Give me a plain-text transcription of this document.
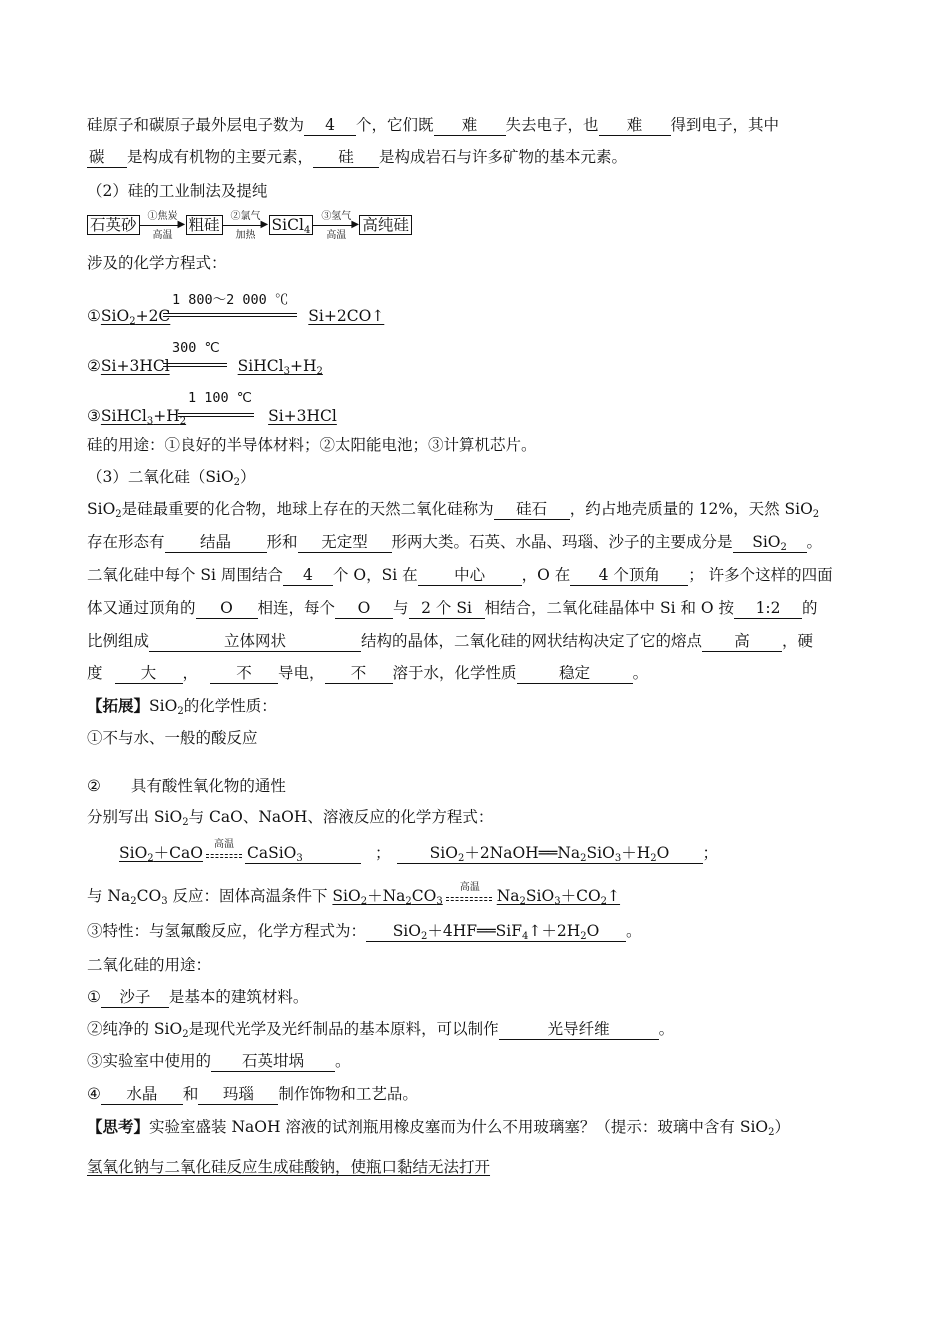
硅原子和碳原子最外层电子数为 4 个，它们既 难 失去电子，也 难 得到电子，其中
碳 是构成有机物的主要元素， 硅 是构成岩石与许多矿物的基本元素。
（2）硅的工业制法及提纯
石英砂	①焦炭
▶
高温
粗硅	②氯气
▶
加热
SiCl$_4$
③氢气
▶
高温
高纯硅
涉及的化学方程式：
1 800～2 000 ℃
①SiO$_2$+2C	Si+2CO↑
300 ℃
②Si+3HCl	$SiHCl_3+H_2$
1 100 ℃
$③SiHCl_3+H_2$	Si+3HCl
硅的用途：①良好的半导体材料；②太阳能电池；③计算机芯片。
（3）二氧化硅（SiO$_2$）
SiO$_2$是硅最重要的化合物，地球上存在的天然二氧化硅称为 硅石 ，约占地壳质量的 12%，天然 SiO$_2$
存在形态有 结晶 形和 无定型 形两大类。石英、水晶、玛瑙、沙子的主要成分是 SiO$_2$ 。
二氧化硅中每个 Si 周围结合 4 个 O，Si 在 中心 ，O 在 4 个顶角 ； 许多个这样的四面
体又通过顶角的 O 相连，每个 O 与 2 个 Si 相结合，二氧化硅晶体中 Si 和 O 按 1:2 的
比例组成	立体网状	结构的晶体，二氧化硅的网状结构决定了它的熔点 高 ，硬
度 大 ， 不 导电， 不 溶于水，化学性质	稳定	。
【拓展】SiO$_2$的化学性质：
①不与水、一般的酸反应
② 具有酸性氧化物的通性
分别写出 SiO$_2$与 CaO、NaOH、溶液反应的化学方程式：
SiO$_2$＋CaO	高温 CaSiO$_3$	；	$SiO_2+2NaOH══Na_2SiO_3+H_2O$ ；
与 $Na_2CO_3$ 反应：固体高温条件下 $SiO_2+Na_2CO_3$
高温	$Na_2SiO_3+CO_2↑$
③特性：与氢氟酸反应，化学方程式为： $SiO_2+4HF══SiF_4↑+2H_2O$ 。
二氧化硅的用途：
① 沙子 是基本的建筑材料。
②纯净的 SiO$_2$是现代光学及光纤制品的基本原料，可以制作	光导纤维	。
③实验室中使用的 石英坩埚 。
④ 水晶 和 玛瑙 制作饰物和工艺品。
【思考】实验室盛装 NaOH 溶液的试剂瓶用橡皮塞而为什么不用玻璃塞？（提示：玻璃中含有 SiO$_2$）
氢氧化钠与二氧化硅反应生成硅酸钠，使瓶口黏结无法打开
